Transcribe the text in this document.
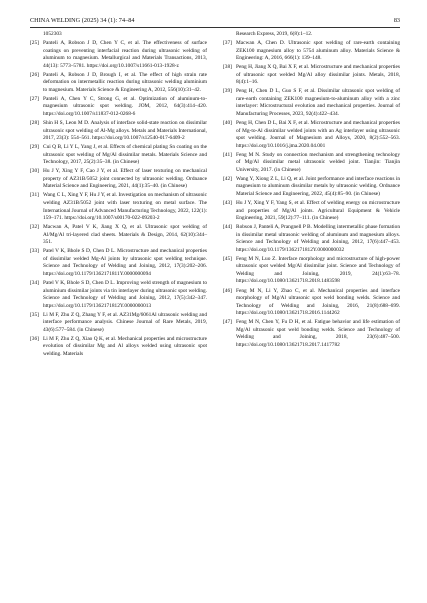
CHINA WELDING (2025) 34 (1): 74–84	83
1052303
[25] Panteli A, Robson J D, Chen Y C, et al. The effectiveness of surface coatings on preventing interfacial reaction during ultrasonic welding of aluminum to magnesium. Metallurgical and Materials Transactions, 2013, 44(13): 5773–5781. https://doi.org/10.1007/s11661-013-1928-z
[26] Panteli A, Robson J D, Brough I, et al. The effect of high strain rate deformation on intermetallic reaction during ultrasonic welding aluminium to magnesium. Materials Science & Engineering A, 2012, 556(10):31–42.
[27] Panteli A, Chen Y C, Strong G, et al. Optimization of aluminum-to-magnesium ultrasonic spot welding. JOM, 2012, 64(3):414–420. https://doi.org/10.1007/s11837-012-0268-6
[28] Shin H S, Leon M D. Analysis of interface solid-state reaction on dissimilar ultrasonic spot welding of Al-Mg alloys. Metals and Materials International, 2017, 23(3): 554–561. https://doi.org/10.1007/s12540-017-6409-2
[29] Cui Q B, Li Y L, Yang J, et al. Effects of chemical plating Sn coating on the ultrasonic spot welding of Mg/Al dissimilar metals. Materials Science and Technology, 2017, 25(2):35–38. (in Chinese)
[30] Hu J Y, Xing Y F, Cao J Y, et al. Effect of laser texturing on mechanical property of AZ31B/5052 joint connected by ultrasonic welding. Ordnance Material Science and Engineering, 2021, 44(1):35–40. (in Chinese)
[31] Wang C L, Xing Y F, Hu J Y, et al. Investigation on mechanism of ultrasonic welding AZ31B/5052 joint with laser texturing on metal surface. The International Journal of Advanced Manufacturing Technology, 2022, 122(1): 159–171. https://doi.org/10.1007/s00170-022-09203-2
[32] Macwan A, Patel V K, Jiang X Q, et al. Ultrasonic spot welding of Al/Mg/Al tri-layered clad sheets. Materials & Design, 2014, 62(10):344–351.
[33] Patel V K, Bhole S D, Chen D L. Microstructure and mechanical properties of dissimilar welded Mg-Al joints by ultrasonic spot welding technique. Science and Technology of Welding and Joining, 2012, 17(3):202–206. https://doi.org/10.1179/1362171811Y.0000000094
[34] Patel V K, Bhole S D, Chen D L. Improving weld strength of magnesium to aluminium dissimilar joints via tin interlayer during ultrasonic spot welding. Science and Technology of Welding and Joining, 2012, 17(5):342–347. https://doi.org/10.1179/1362171812Y.0000000013
[35] Li M F, Zhu Z Q, Zhang Y F, et al. AZ31Mg/6061Al ultrasonic welding and interface performance analysis. Chinese Journal of Rare Metals, 2019, 43(6):577–584. (in Chinese)
[36] Li M F, Zhu Z Q, Xiao Q K, et al. Mechanical properties and microstructure evolution of dissimilar Mg and Al alloys welded using ultrasonic spot welding. Materials
Research Express, 2019, 6(8):1–12.
[37] Macwan A, Chen D. Ultrasonic spot welding of rare-earth containing ZEK100 magnesium alloy to 5754 aluminum alloy. Materials Science & Engineering: A, 2016, 666(1): 139–148.
[38] Peng H, Jiang X Q, Bai X F, et al. Microstructure and mechanical properties of ultrasonic spot welded Mg/Al alloy dissimilar joints. Metals, 2018, 8(4):1–16.
[39] Peng H, Chen D L, Guo S F, et al. Dissimilar ultrasonic spot welding of rare-earth containing ZEK100 magnesium-to-aluminum alloy with a zinc interlayer: Microstructural evolution and mechanical properties. Journal of Manufacturing Processes, 2023, 92(4):422–434.
[40] Peng H, Chen D L, Bai X F, et al. Microstructure and mechanical properties of Mg-to-Al dissimilar welded joints with an Ag interlayer using ultrasonic spot welding. Journal of Magnesium and Alloys, 2020, 8(2):552–563. https://doi.org/10.1016/j.jma.2020.04.001
[41] Feng M N. Study on connection mechanism and strengthening technology of Mg/Al dissimilar metal ultrasonic welded joint. Tianjin: Tianjin University, 2017. (in Chinese)
[42] Wang Y, Xiong Z L, Li Q, et al. Joint performance and interface reactions in magnesium to aluminum dissimilar metals by ultrasonic welding. Ordnance Material Science and Engineering, 2022, 45(4):85–90. (in Chinese)
[43] Hu J Y, Xing Y F, Yang S, et al. Effect of welding energy on microstructure and properties of Mg/Al joints. Agricultural Equipment & Vehicle Engineering, 2021, 59(12):77–111. (in Chinese)
[44] Robson J, Panteli A, Prangnell P B. Modelling intermetallic phase formation in dissimilar metal ultrasonic welding of aluminum and magnesium alloys. Science and Technology of Welding and Joining, 2012, 17(6):447–453. https://doi.org/10.1179/1362171812Y.0000000032
[45] Feng M N, Luo Z. Interface morphology and microstructure of high-power ultrasonic spot welded Mg/Al dissimilar joint. Science and Technology of Welding and Joining, 2019, 24(1):63–78. https://doi.org/10.1080/13621718.2018.1483598
[46] Feng M N, Li Y, Zhao C, et al. Mechanical properties and interface morphology of Mg/Al ultrasonic spot weld bonding welds. Science and Technology of Welding and Joining, 2016, 21(8):688–699. https://doi.org/10.1080/13621718.2016.1144262
[47] Feng M N, Chen Y, Fu D H, et al. Fatigue behavior and life estimation of Mg/Al ultrasonic spot weld bonding welds. Science and Technology of Welding and Joining, 2018, 23(6):487–500. https://doi.org/10.1080/13621718.2017.1417782
